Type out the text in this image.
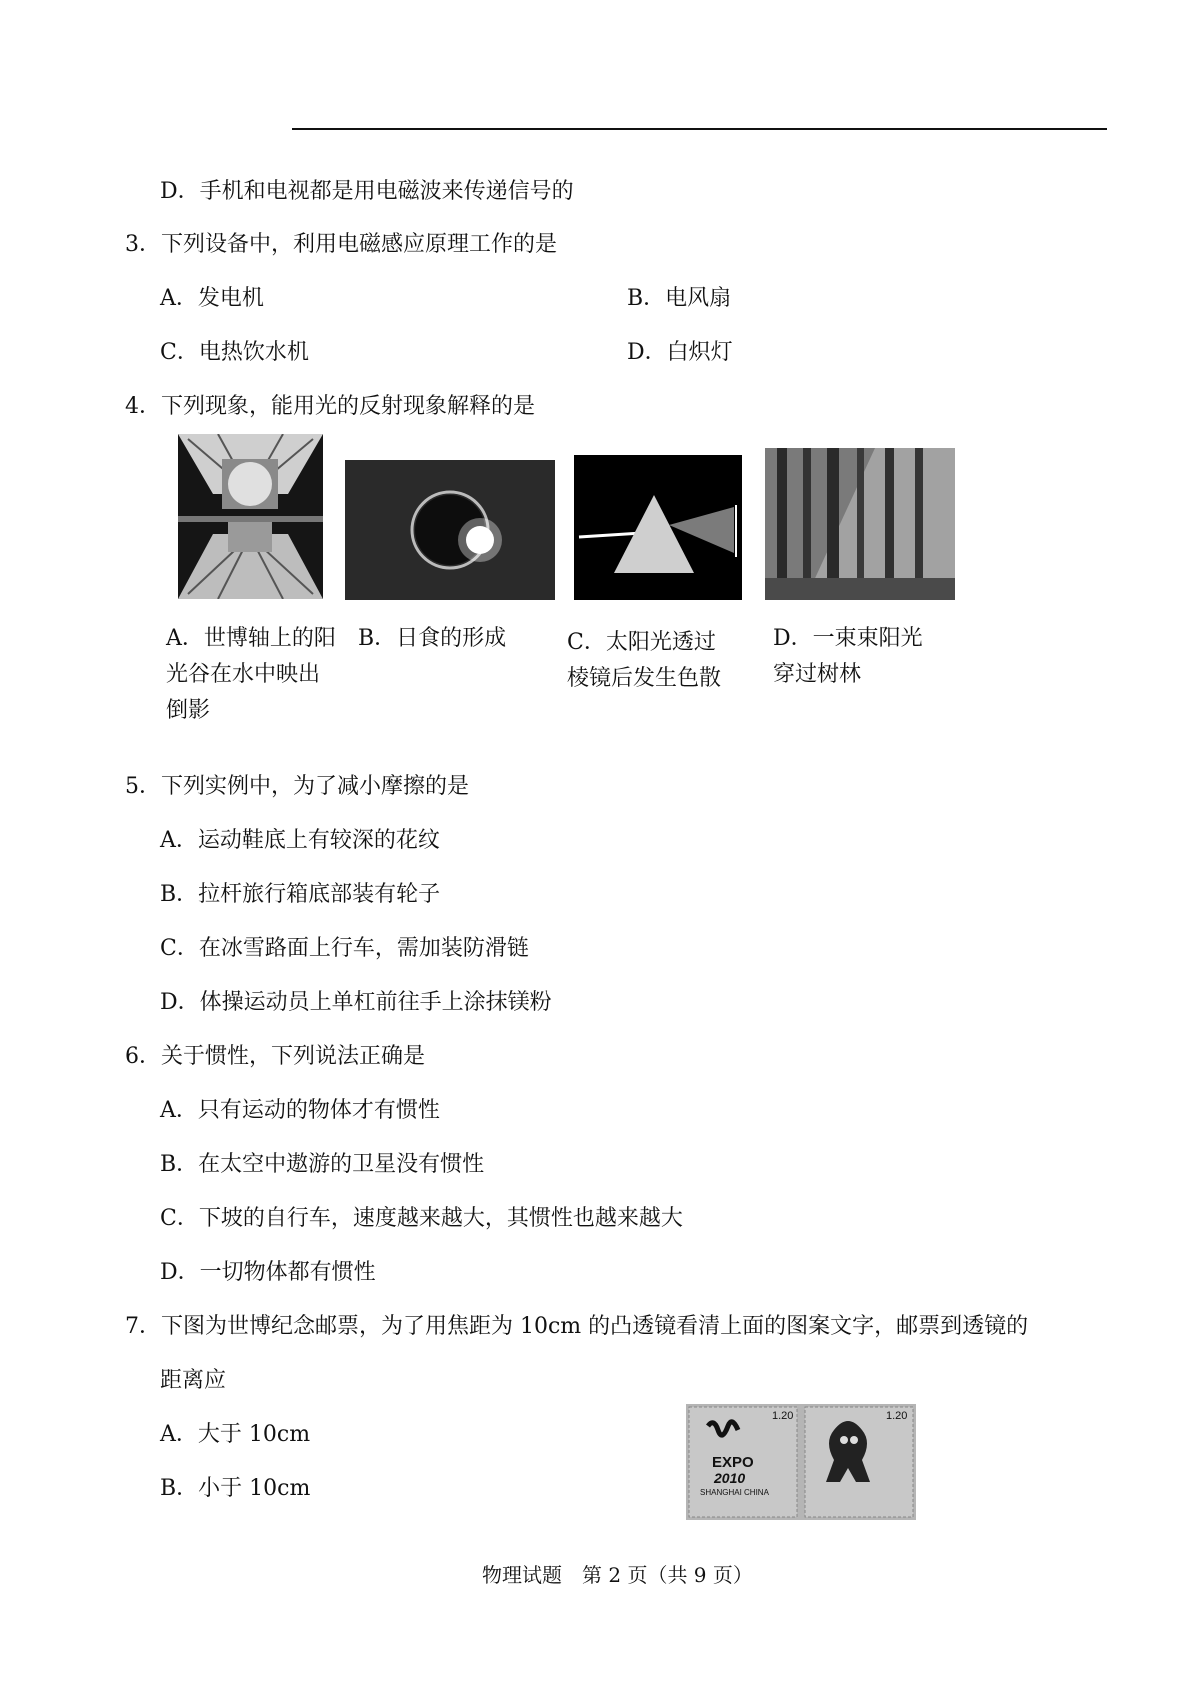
D．手机和电视都是用电磁波来传递信号的
3．下列设备中，利用电磁感应原理工作的是
A．发电机	B．电风扇
C．电热饮水机	D．白炽灯
4．下列现象，能用光的反射现象解释的是
A．世博轴上的阳光谷在水中映出倒影
B．日食的形成	C．太阳光透过棱镜后发生色散
D．一束束阳光穿过树林
5．下列实例中，为了减小摩擦的是
A．运动鞋底上有较深的花纹
B．拉杆旅行箱底部装有轮子
C．在冰雪路面上行车，需加装防滑链
D．体操运动员上单杠前往手上涂抹镁粉
6．关于惯性，下列说法正确是
A．只有运动的物体才有惯性
B．在太空中遨游的卫星没有惯性
C．下坡的自行车，速度越来越大，其惯性也越来越大
D．一切物体都有惯性
7．下图为世博纪念邮票，为了用焦距为 10cm 的凸透镜看清上面的图案文字，邮票到透镜的
距离应
A．大于 10cm
B．小于 10cm
1.20	1.20
EXPO
2010
SHANGHAI CHINA
物理试题　第 2 页（共 9 页）
